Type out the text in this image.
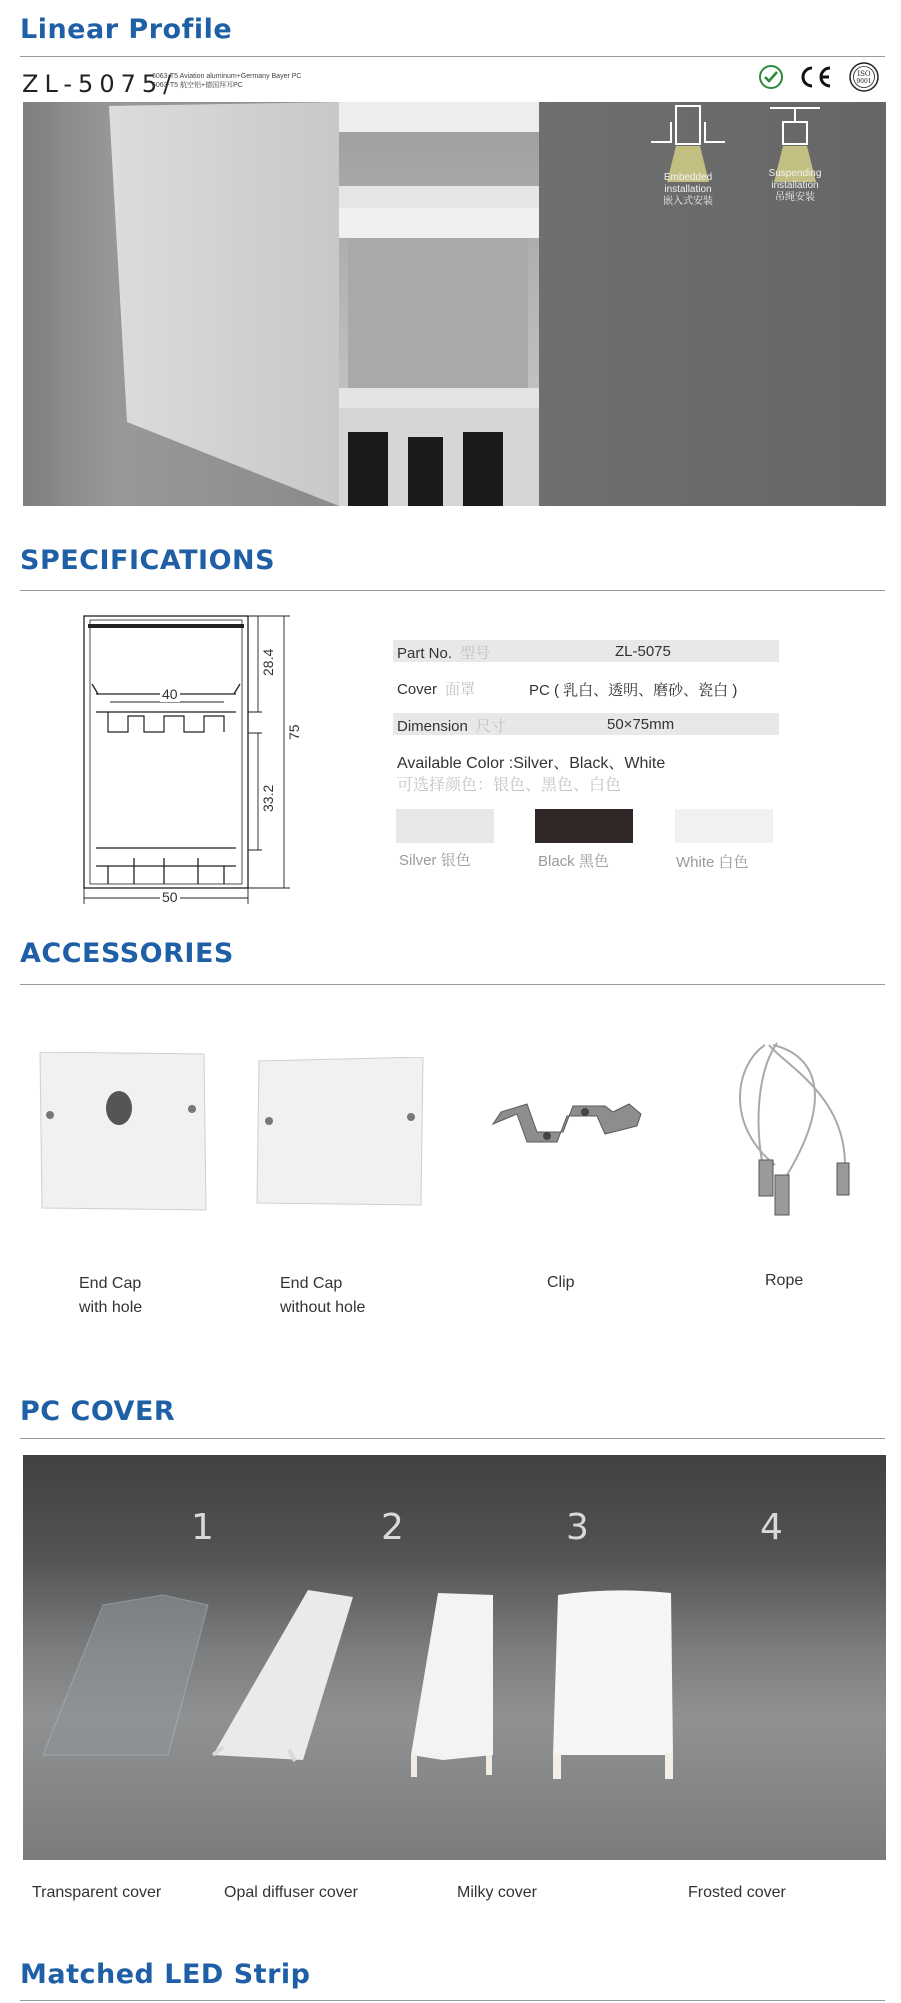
Linear Profile
ZL-5075/
6063-T5 Aviation aluminum+Germany Bayer PC
6063-T5 航空铝+德国拜耳PC
ISO
9001
Embedded
installation
嵌入式安装
Suspending
installation
吊绳安装
SPECIFICATIONS
40
50
75
28.4
33.2
Part No. 型号	ZL-5075
Cover 面罩	PC ( 乳白、透明、磨砂、瓷白 )
Dimension 尺寸	50×75mm
Available Color :Silver、Black、White
可选择颜色：银色、黑色、白色
Silver 银色	Black 黑色	White 白色
ACCESSORIES
End Cap
with hole
End Cap
without hole
Clip	Rope
PC COVER
1	2	3	4
Transparent cover	Opal diffuser cover	Milky cover	Frosted cover
Matched LED Strip
